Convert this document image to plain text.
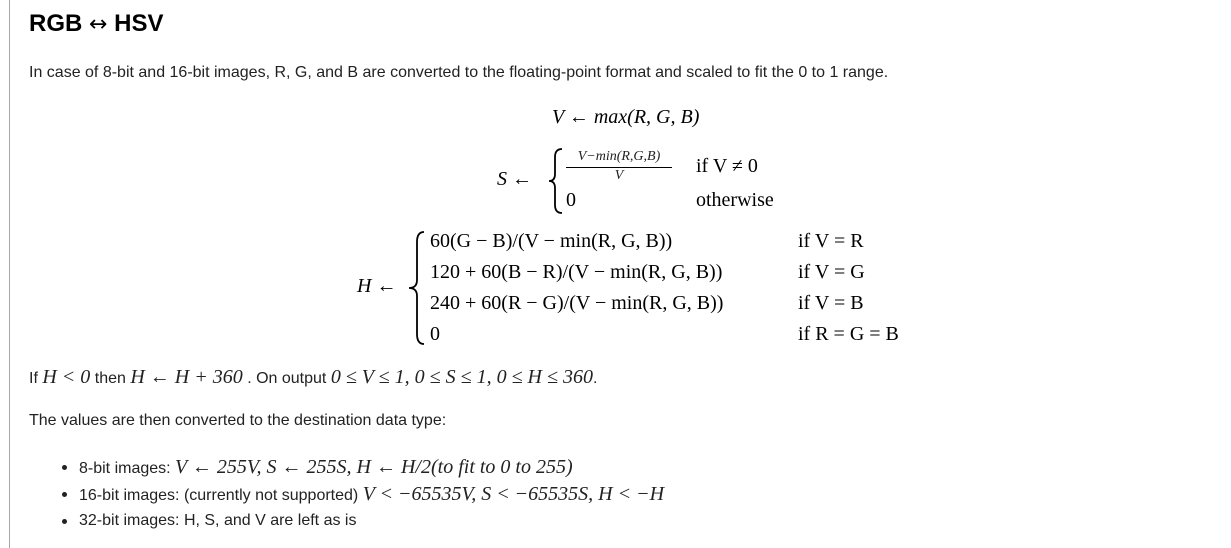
RGB ↔ HSV
In case of 8-bit and 16-bit images, R, G, and B are converted to the floating-point format and scaled to fit the 0 to 1 range.
V ← max(R, G, B)
S ←
V−min(R,G,B)
V	if V ≠ 0
0	otherwise
H ←
60(G − B)/(V − min(R, G, B))	if V = R
120 + 60(B − R)/(V − min(R, G, B))	if V = G
240 + 60(R − G)/(V − min(R, G, B))	if V = B
0	if R = G = B
If H < 0 then H ← H + 360 . On output 0 ≤ V ≤ 1, 0 ≤ S ≤ 1, 0 ≤ H ≤ 360.
The values are then converted to the destination data type:
8-bit images: V ← 255V, S ← 255S, H ← H/2(to fit to 0 to 255)
16-bit images: (currently not supported) V < −65535V, S < −65535S, H < −H
32-bit images: H, S, and V are left as is
